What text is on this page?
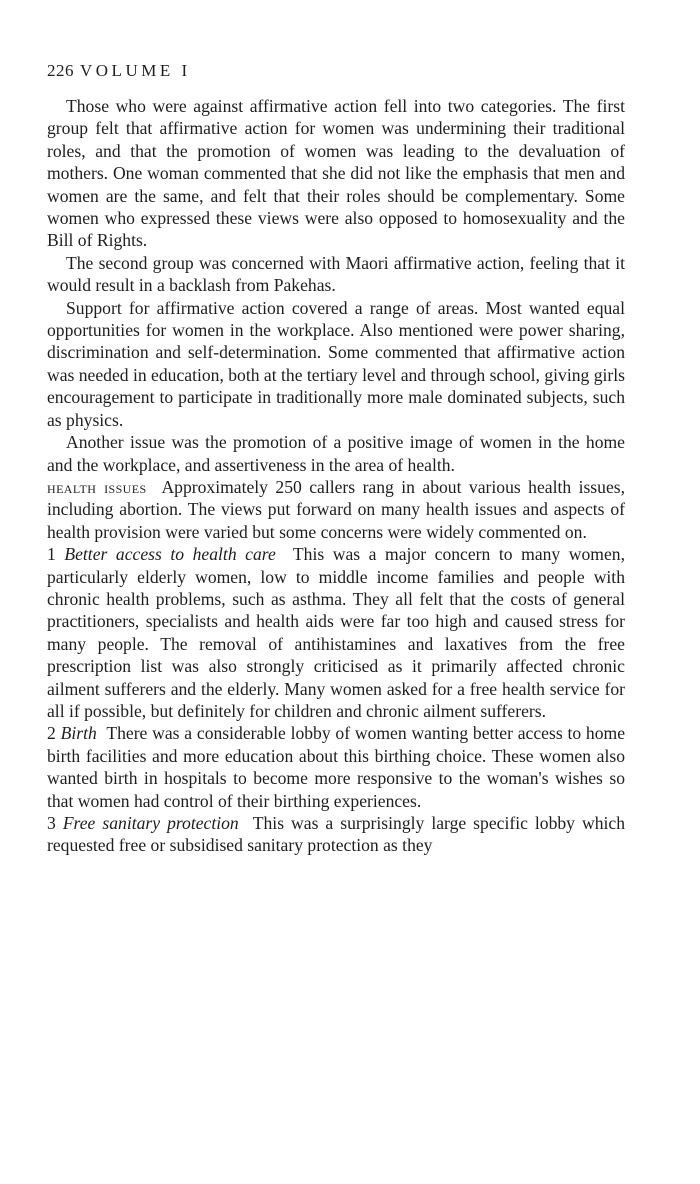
226 VOLUME I

Those who were against affirmative action fell into two categories. The first group felt that affirmative action for women was undermining their traditional roles, and that the promotion of women was leading to the devaluation of mothers. One woman commented that she did not like the emphasis that men and women are the same, and felt that their roles should be complementary. Some women who expressed these views were also opposed to homosexuality and the Bill of Rights.

The second group was concerned with Maori affirmative action, feeling that it would result in a backlash from Pakehas.

Support for affirmative action covered a range of areas. Most wanted equal opportunities for women in the workplace. Also mentioned were power sharing, discrimination and self-determination. Some commented that affirmative action was needed in education, both at the tertiary level and through school, giving girls encouragement to participate in traditionally more male dominated subjects, such as physics.

Another issue was the promotion of a positive image of women in the home and the workplace, and assertiveness in the area of health.

health issues Approximately 250 callers rang in about various health issues, including abortion. The views put forward on many health issues and aspects of health provision were varied but some concerns were widely commented on.

1 Better access to health care This was a major concern to many women, particularly elderly women, low to middle income families and people with chronic health problems, such as asthma. They all felt that the costs of general practitioners, specialists and health aids were far too high and caused stress for many people. The removal of antihistamines and laxatives from the free prescription list was also strongly criticised as it primarily affected chronic ailment sufferers and the elderly. Many women asked for a free health service for all if possible, but definitely for children and chronic ailment sufferers.

2 Birth There was a considerable lobby of women wanting better access to home birth facilities and more education about this birthing choice. These women also wanted birth in hospitals to become more responsive to the woman's wishes so that women had control of their birthing experiences.

3 Free sanitary protection This was a surprisingly large specific lobby which requested free or subsidised sanitary protection as they
